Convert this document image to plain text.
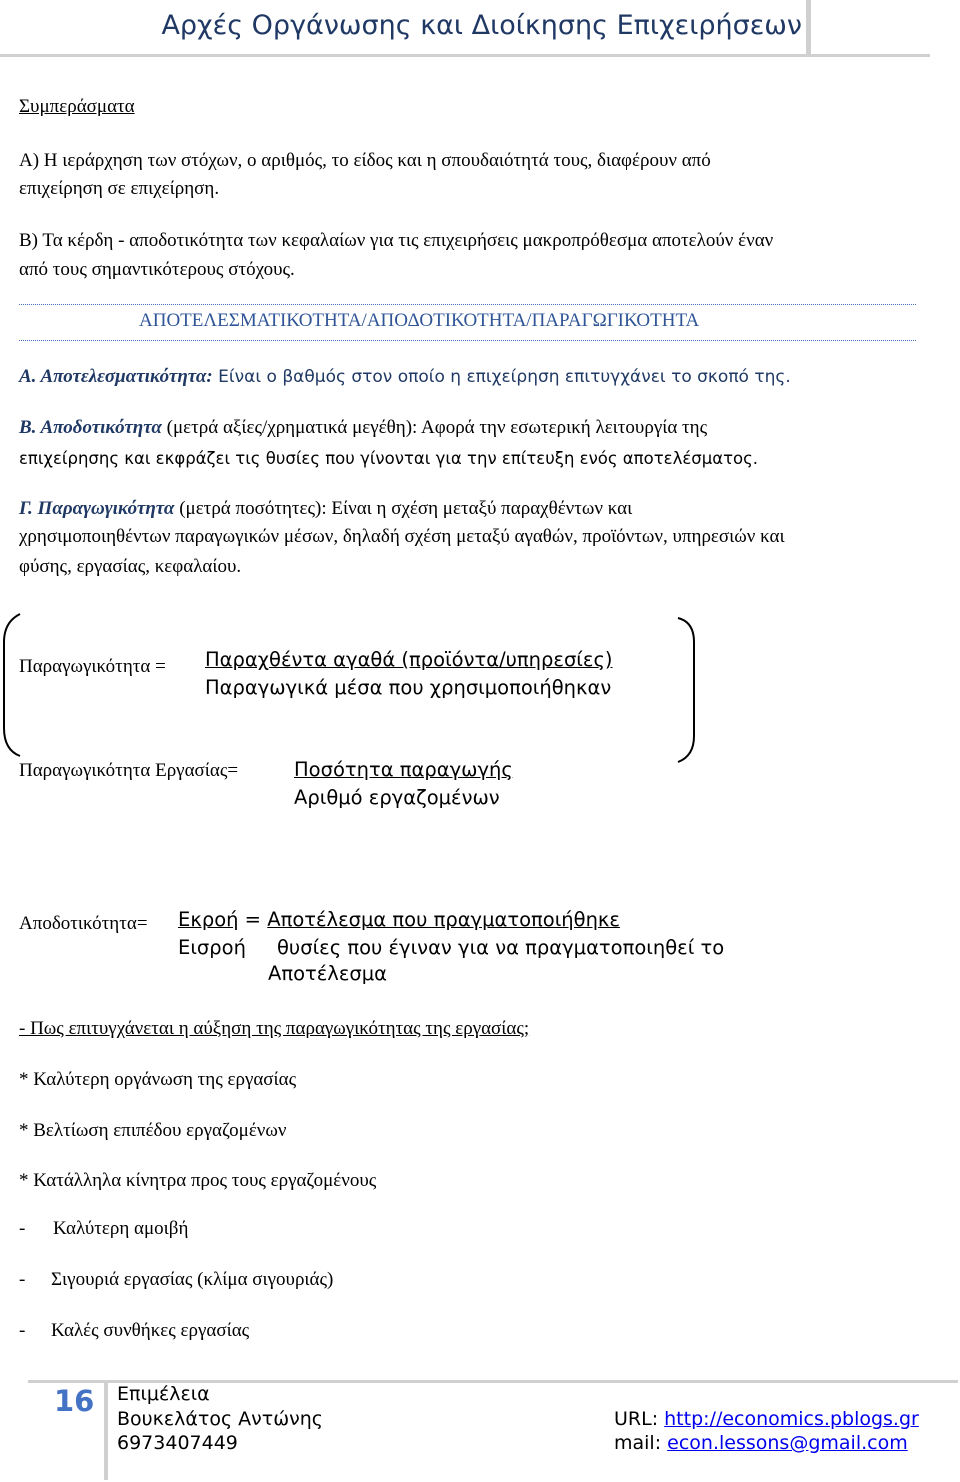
Αρχές Οργάνωσης και Διοίκησης Επιχειρήσεων
Συμπεράσματα
Α) Η ιεράρχηση των στόχων, ο αριθμός, το είδος και η σπουδαιότητά τους, διαφέρουν από
επιχείρηση σε επιχείρηση.
Β) Τα κέρδη - αποδοτικότητα των κεφαλαίων για τις επιχειρήσεις μακροπρόθεσμα αποτελούν έναν
από τους σημαντικότερους στόχους.
ΑΠΟΤΕΛΕΣΜΑΤΙΚΟΤΗΤΑ/ΑΠΟΔΟΤΙΚΟΤΗΤΑ/ΠΑΡΑΓΩΓΙΚΟΤΗΤΑ
Α. Αποτελεσματικότητα: Είναι ο βαθμός στον οποίο η επιχείρηση επιτυγχάνει το σκοπό της.
Β. Αποδοτικότητα (μετρά αξίες/χρηματικά μεγέθη): Αφορά την εσωτερική λειτουργία της
επιχείρησης και εκφράζει τις θυσίες που γίνονται για την επίτευξη ενός αποτελέσματος.
Γ. Παραγωγικότητα (μετρά ποσότητες): Είναι η σχέση μεταξύ παραχθέντων και
χρησιμοποιηθέντων παραγωγικών μέσων, δηλαδή σχέση μεταξύ αγαθών, προϊόντων, υπηρεσιών και
φύσης, εργασίας, κεφαλαίου.
Παραγωγικότητα = Παραχθέντα αγαθά (προϊόντα/υπηρεσίες)
Παραγωγικά μέσα που χρησιμοποιήθηκαν
Παραγωγικότητα Εργασίας=	Ποσότητα παραγωγής
Αριθμό εργαζομένων
Αποδοτικότητα= Εκροή = Αποτέλεσμα που πραγματοποιήθηκε
Εισροή θυσίες που έγιναν για να πραγματοποιηθεί το
Αποτέλεσμα
- Πως επιτυγχάνεται η αύξηση της παραγωγικότητας της εργασίας;
* Καλύτερη οργάνωση της εργασίας
* Βελτίωση επιπέδου εργαζομένων
* Κατάλληλα κίνητρα προς τους εργαζομένους
- Καλύτερη αμοιβή
- Σιγουριά εργασίας (κλίμα σιγουριάς)
- Καλές συνθήκες εργασίας
16 Επιμέλεια
Βουκελάτος Αντώνης
6973407449
URL: http://economics.pblogs.gr
mail: econ.lessons@gmail.com
